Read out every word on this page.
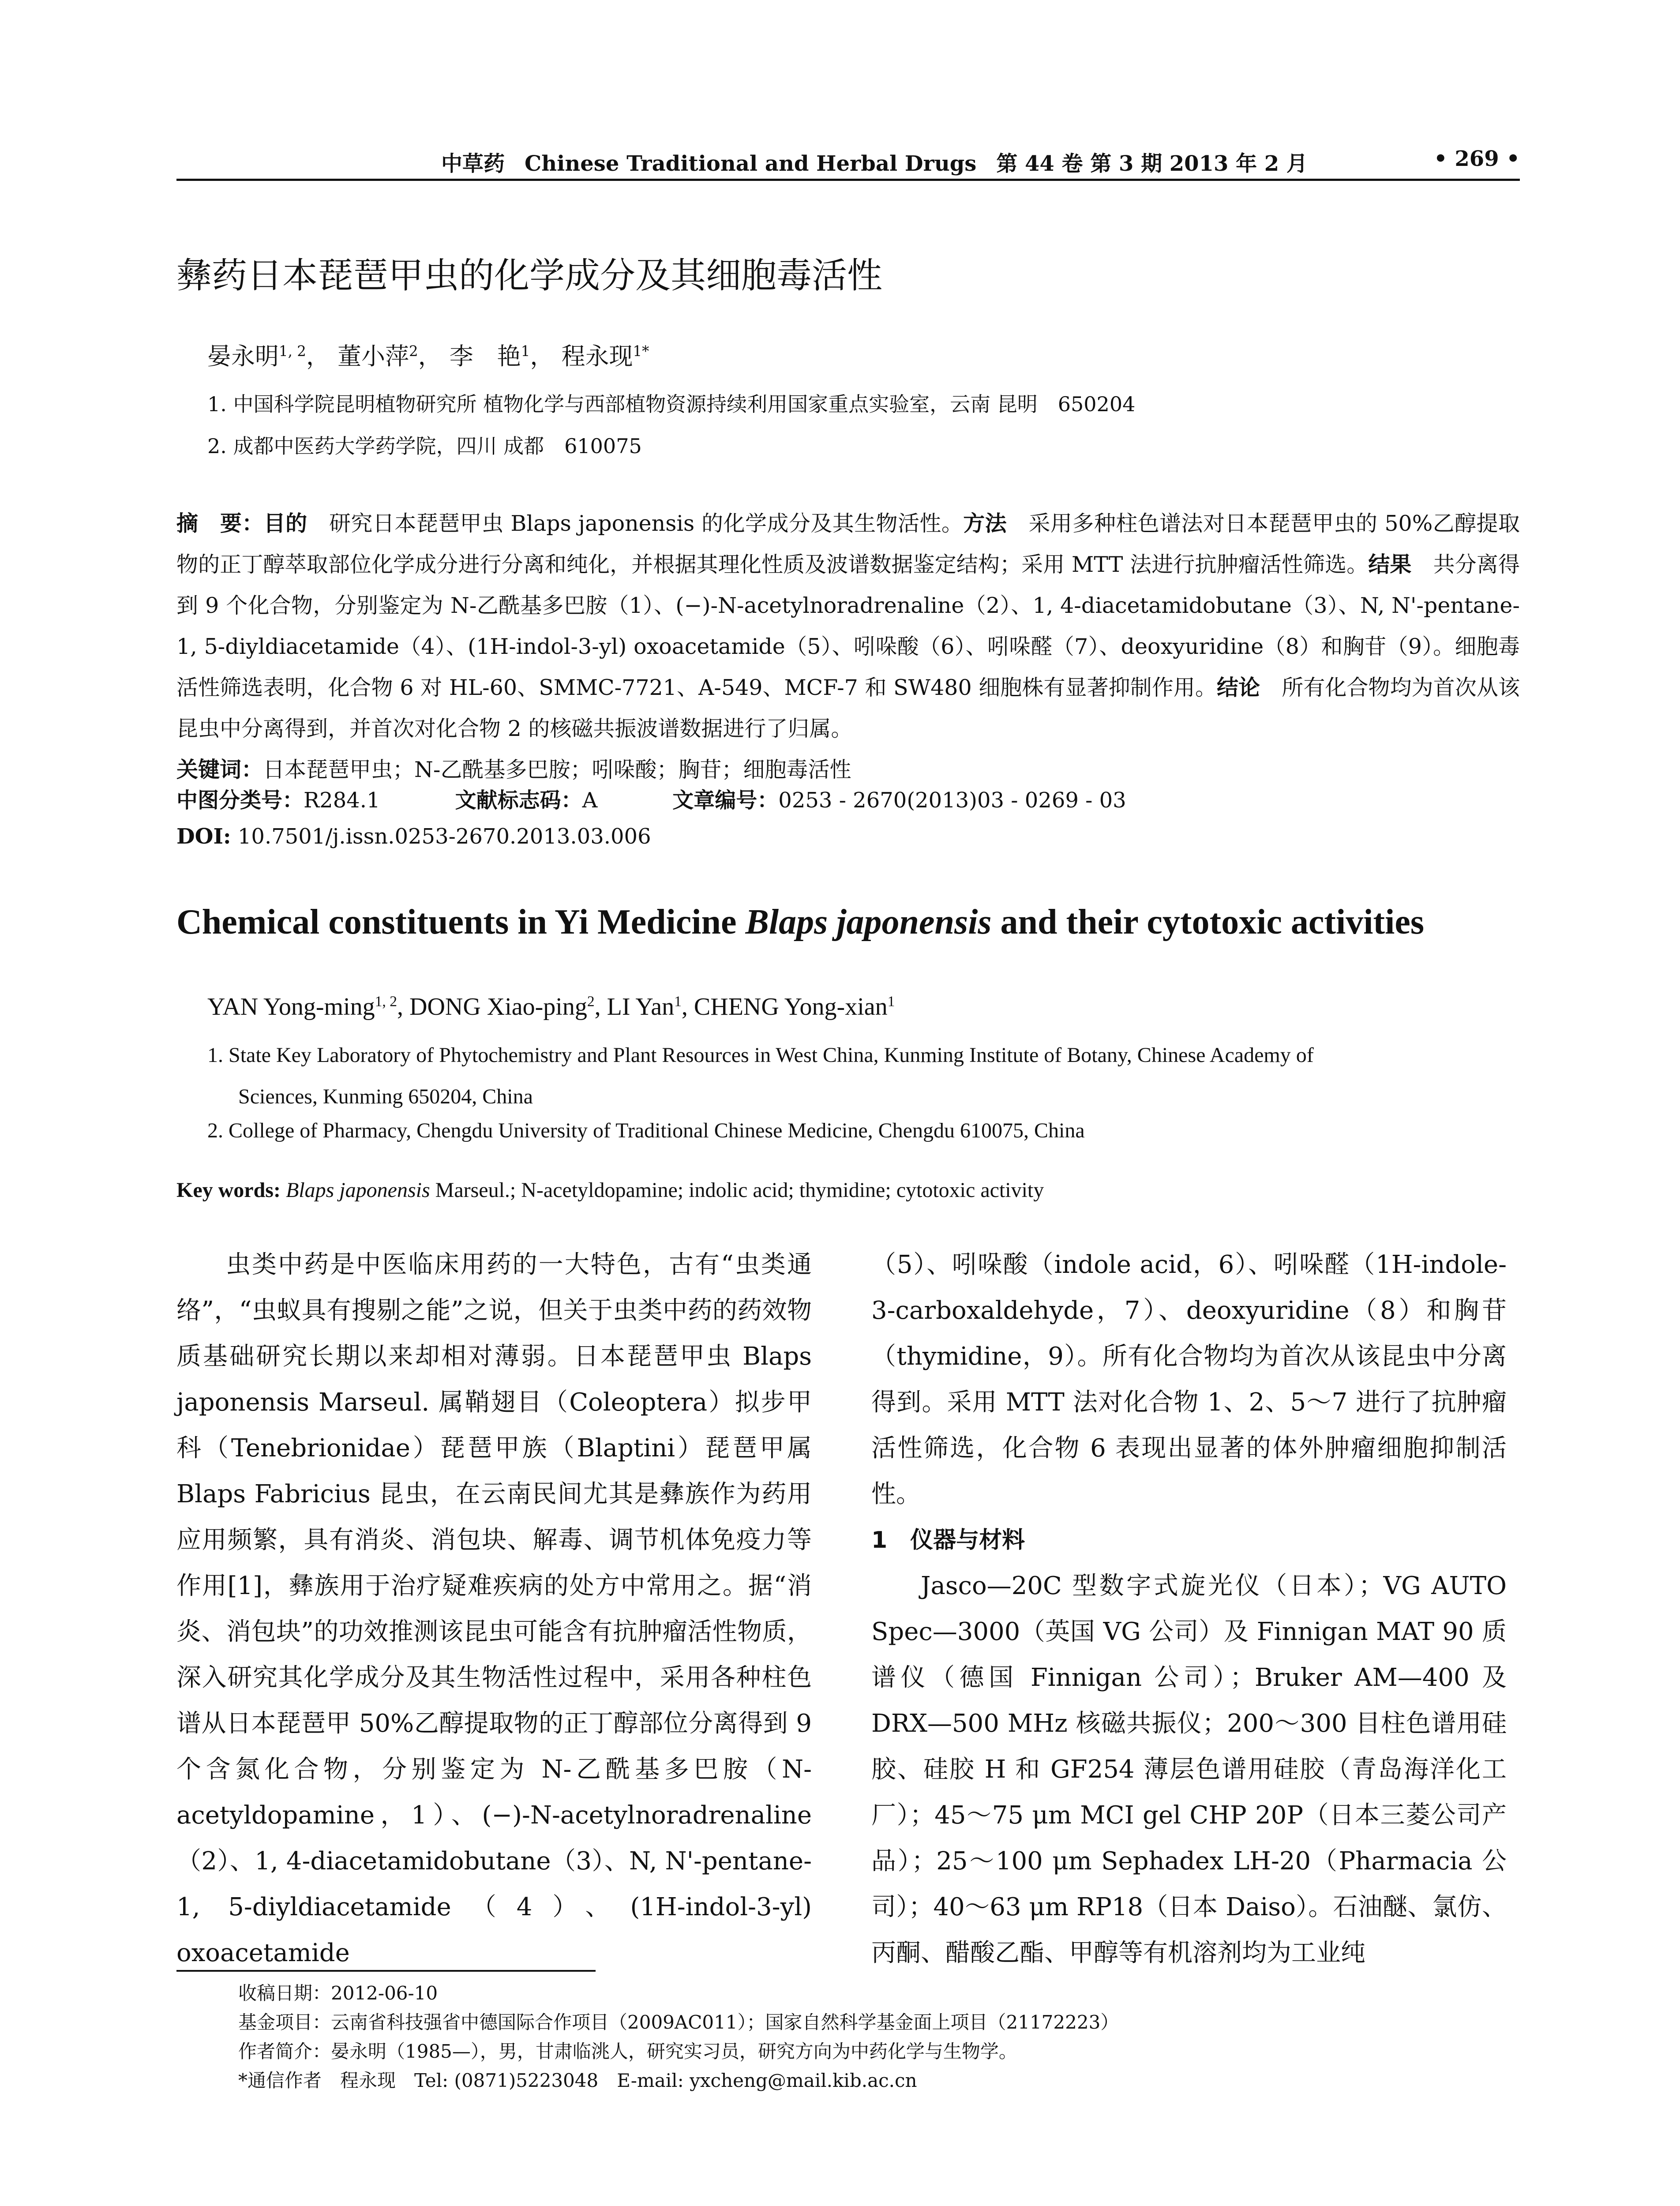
中草药 Chinese Traditional and Herbal Drugs 第 44 卷 第 3 期 2013 年 2 月	• 269 •
彝药日本琵琶甲虫的化学成分及其细胞毒活性
晏永明$^{1, 2}$， 董小萍$^2$， 李　艳$^1$， 程永现$^{1*}$
1. 中国科学院昆明植物研究所 植物化学与西部植物资源持续利用国家重点实验室，云南 昆明　650204
2. 成都中医药大学药学院，四川 成都　610075
摘　要：目的　 研究日本琵琶甲虫 Blaps japonensis 的化学成分及其生物活性。方法　 采用多种柱色谱法对日本琵琶甲虫的 50%乙醇提取物的正丁醇萃取部位化学成分进行分离和纯化，并根据其理化性质及波谱数据鉴定结构；采用 MTT 法进行抗肿瘤活性筛选。结果　 共分离得到 9 个化合物，分别鉴定为 N-乙酰基多巴胺（1）、(−)-N-acetylnoradrenaline（2）、1, 4-diacetamidobutane（3）、N, N'-pentane-1, 5-diyldiacetamide（4）、(1H-indol-3-yl) oxoacetamide（5）、吲哚酸（6）、吲哚醛（7）、deoxyuridine（8）和胸苷（9）。细胞毒活性筛选表明，化合物 6 对 HL-60、SMMC-7721、A-549、MCF-7 和 SW480 细胞株有显著抑制作用。结论　 所有化合物均为首次从该昆虫中分离得到，并首次对化合物 2 的核磁共振波谱数据进行了归属。
关键词：日本琵琶甲虫；N-乙酰基多巴胺；吲哚酸；胸苷；细胞毒活性
中图分类号：R284.1	文献标志码：A	文章编号：0253 - 2670(2013)03 - 0269 - 03
DOI: 10.7501/j.issn.0253-2670.2013.03.006
Chemical constituents in Yi Medicine Blaps japonensis and their cytotoxic activities
YAN Yong-ming$^{1, 2}$, DONG Xiao-ping$^2$, LI Yan$^1$, CHENG Yong-xian$^1$
1. State Key Laboratory of Phytochemistry and Plant Resources in West China, Kunming Institute of Botany, Chinese Academy of
Sciences, Kunming 650204, China
2. College of Pharmacy, Chengdu University of Traditional Chinese Medicine, Chengdu 610075, China
Key words: Blaps japonensis Marseul.; N-acetyldopamine; indolic acid; thymidine; cytotoxic activity

虫类中药是中医临床用药的一大特色，古有“虫类通络”，“虫蚁具有搜剔之能”之说，但关于虫类中药的药效物质基础研究长期以来却相对薄弱。日本琵琶甲虫 Blaps japonensis Marseul. 属鞘翅目（Coleoptera）拟步甲科（Tenebrionidae）琵琶甲族（Blaptini）琵琶甲属 Blaps Fabricius 昆虫，在云南民间尤其是彝族作为药用应用频繁，具有消炎、消包块、解毒、调节机体免疫力等作用[1]，彝族用于治疗疑难疾病的处方中常用之。据“消炎、消包块”的功效推测该昆虫可能含有抗肿瘤活性物质，深入研究其化学成分及其生物活性过程中，采用各种柱色谱从日本琵琶甲 50%乙醇提取物的正丁醇部位分离得到 9 个含氮化合物，分别鉴定为 N-乙酰基多巴胺（N-acetyldopamine，1）、(−)-N-acetylnoradrenaline（2）、1, 4-diacetamidobutane（3）、N, N'-pentane-1, 5-diyldiacetamide（4）、(1H-indol-3-yl) oxoacetamide

（5）、吲哚酸（indole acid，6）、吲哚醛（1H-indole-3-carboxaldehyde，7）、deoxyuridine（8）和胸苷（thymidine，9）。所有化合物均为首次从该昆虫中分离得到。采用 MTT 法对化合物 1、2、5～7 进行了抗肿瘤活性筛选，化合物 6 表现出显著的体外肿瘤细胞抑制活性。

1　仪器与材料

Jasco—20C 型数字式旋光仪（日本）；VG AUTO Spec—3000（英国 VG 公司）及 Finnigan MAT 90 质谱仪（德国 Finnigan 公司）；Bruker AM—400 及 DRX—500 MHz 核磁共振仪；200～300 目柱色谱用硅胶、硅胶 H 和 GF254 薄层色谱用硅胶（青岛海洋化工厂）；45～75 μm MCI gel CHP 20P（日本三菱公司产品）；25～100 μm Sephadex LH-20（Pharmacia 公司）；40～63 μm RP18（日本 Daiso）。石油醚、氯仿、丙酮、醋酸乙酯、甲醇等有机溶剂均为工业纯

收稿日期：2012-06-10
基金项目：云南省科技强省中德国际合作项目（2009AC011）；国家自然科学基金面上项目（21172223）
作者简介：晏永明（1985—），男，甘肃临洮人，研究实习员，研究方向为中药化学与生物学。
*通信作者　程永现　Tel: (0871)5223048　E-mail: yxcheng@mail.kib.ac.cn
